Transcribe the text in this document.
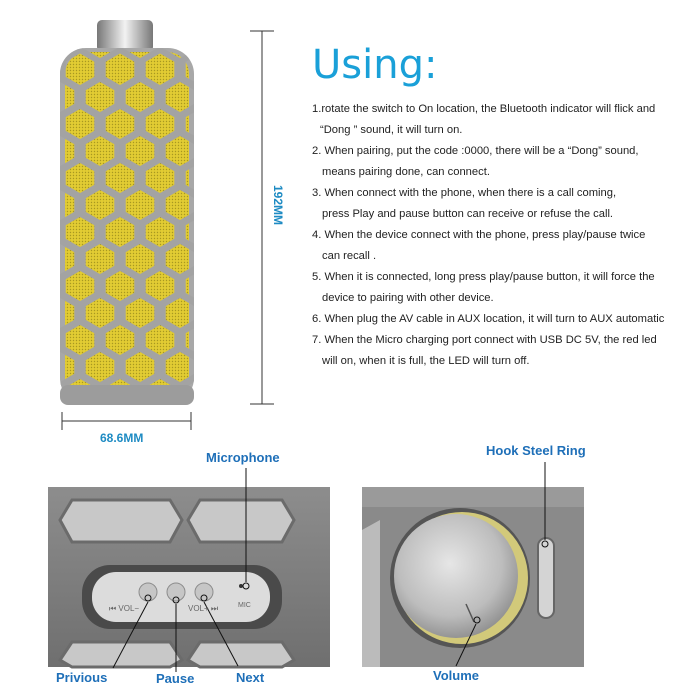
⏮ VOL−	VOL+ ⏭	MIC
192MM
68.6MM
Using:
1.rotate the switch to On location, the Bluetooth indicator will flick and
“Dong ” sound, it will turn on.
2. When pairing, put the code :0000, there will be a “Dong” sound,
means pairing done, can connect.
3. When connect with the phone, when there is a call coming,
press Play and pause button can receive or refuse the call.
4. When the device connect with the phone, press play/pause twice
can recall .
5. When it is connected, long press play/pause button, it will force the
device to pairing with other device.
6. When plug the AV cable in AUX location, it will turn to AUX automatic
7. When the Micro charging port connect with USB DC 5V, the red led
will on, when it is full, the LED will turn off.
Microphone	Hook Steel Ring
Privious	Pause	Next	Volume
